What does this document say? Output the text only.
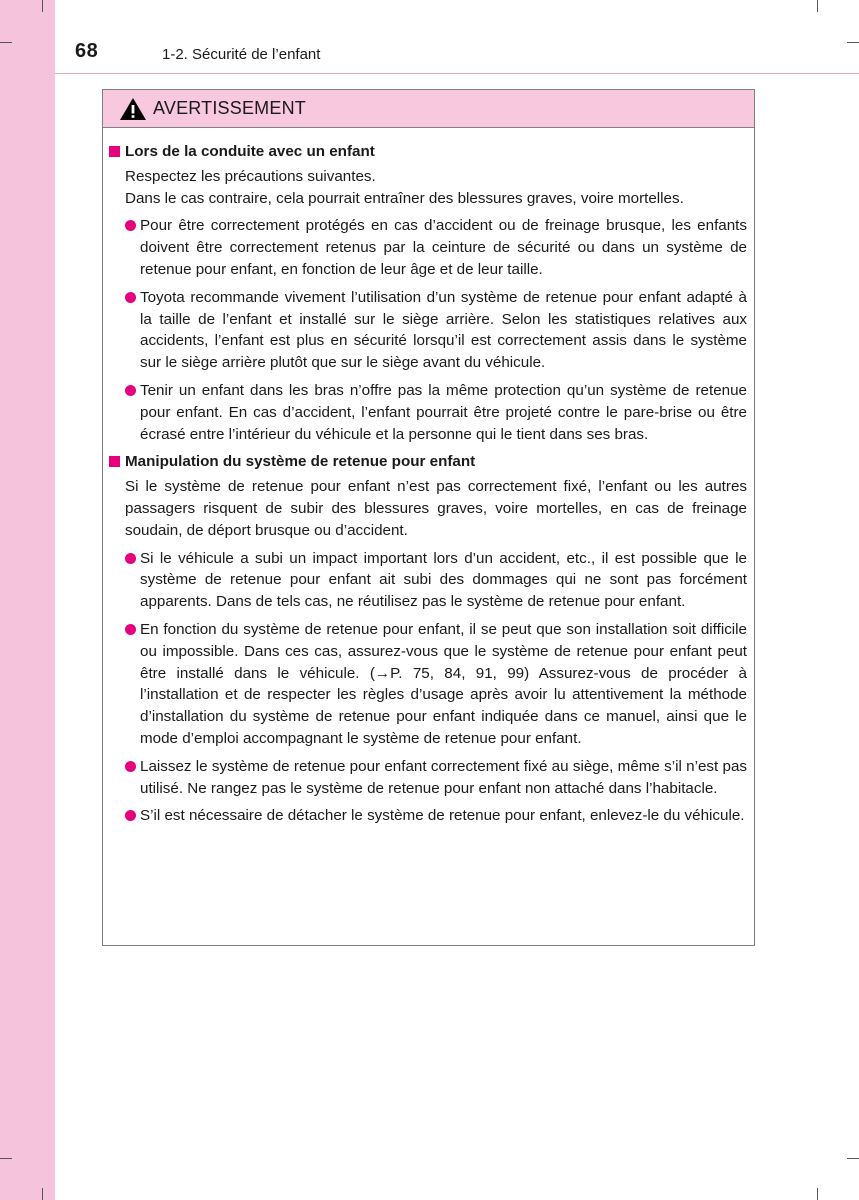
68	1-2. Sécurité de l’enfant
AVERTISSEMENT
Lors de la conduite avec un enfant
Respectez les précautions suivantes.
Dans le cas contraire, cela pourrait entraîner des blessures graves, voire mortelles.
Pour être correctement protégés en cas d’accident ou de freinage brusque, les enfants doivent être correctement retenus par la ceinture de sécurité ou dans un système de retenue pour enfant, en fonction de leur âge et de leur taille.
Toyota recommande vivement l’utilisation d’un système de retenue pour enfant adapté à la taille de l’enfant et installé sur le siège arrière. Selon les statistiques relatives aux accidents, l’enfant est plus en sécurité lorsqu’il est correctement assis dans le système sur le siège arrière plutôt que sur le siège avant du véhicule.
Tenir un enfant dans les bras n’offre pas la même protection qu’un système de retenue pour enfant. En cas d’accident, l’enfant pourrait être projeté contre le pare-brise ou être écrasé entre l’intérieur du véhicule et la personne qui le tient dans ses bras.
Manipulation du système de retenue pour enfant
Si le système de retenue pour enfant n’est pas correctement fixé, l’enfant ou les autres passagers risquent de subir des blessures graves, voire mortelles, en cas de freinage soudain, de déport brusque ou d’accident.
Si le véhicule a subi un impact important lors d’un accident, etc., il est possible que le système de retenue pour enfant ait subi des dommages qui ne sont pas forcément apparents. Dans de tels cas, ne réutilisez pas le système de retenue pour enfant.
En fonction du système de retenue pour enfant, il se peut que son installation soit difficile ou impossible. Dans ces cas, assurez-vous que le système de retenue pour enfant peut être installé dans le véhicule. (→P. 75, 84, 91, 99) Assurez-vous de procéder à l’installation et de respecter les règles d’usage après avoir lu attentivement la méthode d’installation du système de retenue pour enfant indiquée dans ce manuel, ainsi que le mode d’emploi accompagnant le système de retenue pour enfant.
Laissez le système de retenue pour enfant correctement fixé au siège, même s’il n’est pas utilisé. Ne rangez pas le système de retenue pour enfant non attaché dans l’habitacle.
S’il est nécessaire de détacher le système de retenue pour enfant, enlevez-le du véhicule.
